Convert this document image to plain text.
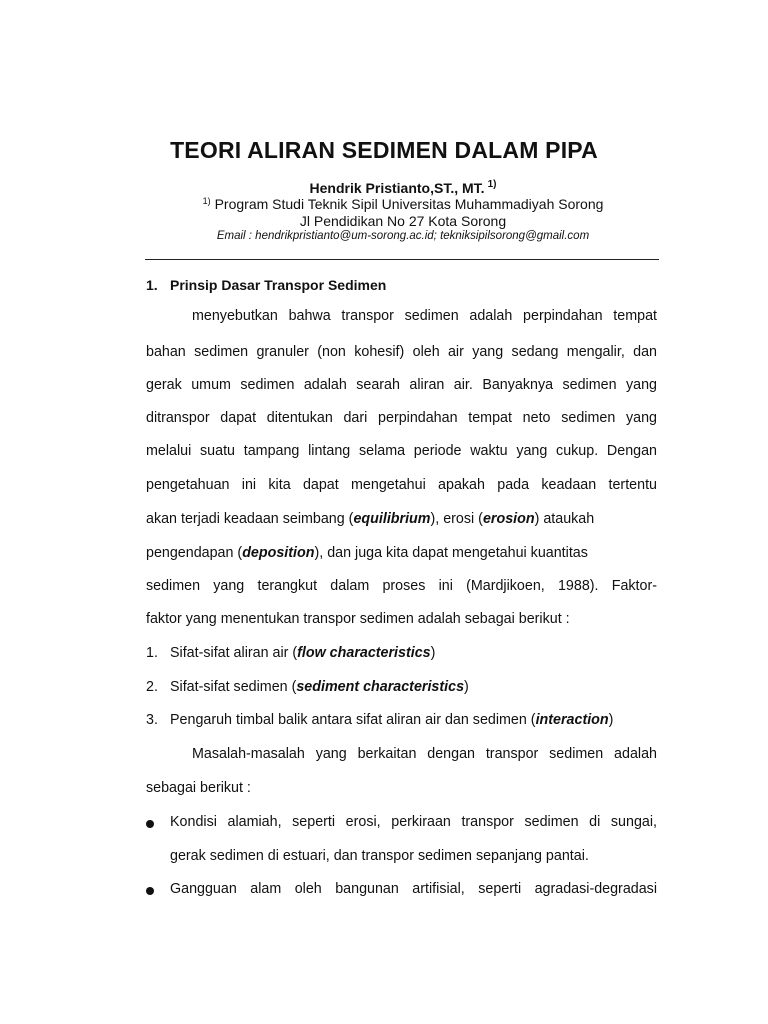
TEORI ALIRAN SEDIMEN DALAM PIPA
Hendrik Pristianto,ST., MT. $^{1)}$
$^{1)}$ Program Studi Teknik Sipil Universitas Muhammadiyah Sorong
Jl Pendidikan No 27 Kota Sorong
Email : hendrikpristianto@um-sorong.ac.id; tekniksipilsorong@gmail.com
1. Prinsip Dasar Transpor Sedimen
menyebutkan bahwa transpor sedimen adalah perpindahan tempat
bahan sedimen granuler (non kohesif) oleh air yang sedang mengalir, dan
gerak umum sedimen adalah searah aliran air. Banyaknya sedimen yang
ditranspor dapat ditentukan dari perpindahan tempat neto sedimen yang
melalui suatu tampang lintang selama periode waktu yang cukup. Dengan
pengetahuan ini kita dapat mengetahui apakah pada keadaan tertentu
akan terjadi keadaan seimbang (equilibrium), erosi (erosion) ataukah
pengendapan (deposition), dan juga kita dapat mengetahui kuantitas
sedimen yang terangkut dalam proses ini (Mardjikoen, 1988). Faktor-
faktor yang menentukan transpor sedimen adalah sebagai berikut :
1. Sifat-sifat aliran air (flow characteristics)
2. Sifat-sifat sedimen (sediment characteristics)
3. Pengaruh timbal balik antara sifat aliran air dan sedimen (interaction)
Masalah-masalah yang berkaitan dengan transpor sedimen adalah
sebagai berikut :
Kondisi alamiah, seperti erosi, perkiraan transpor sedimen di sungai,
gerak sedimen di estuari, dan transpor sedimen sepanjang pantai.
Gangguan alam oleh bangunan artifisial, seperti agradasi-degradasi
